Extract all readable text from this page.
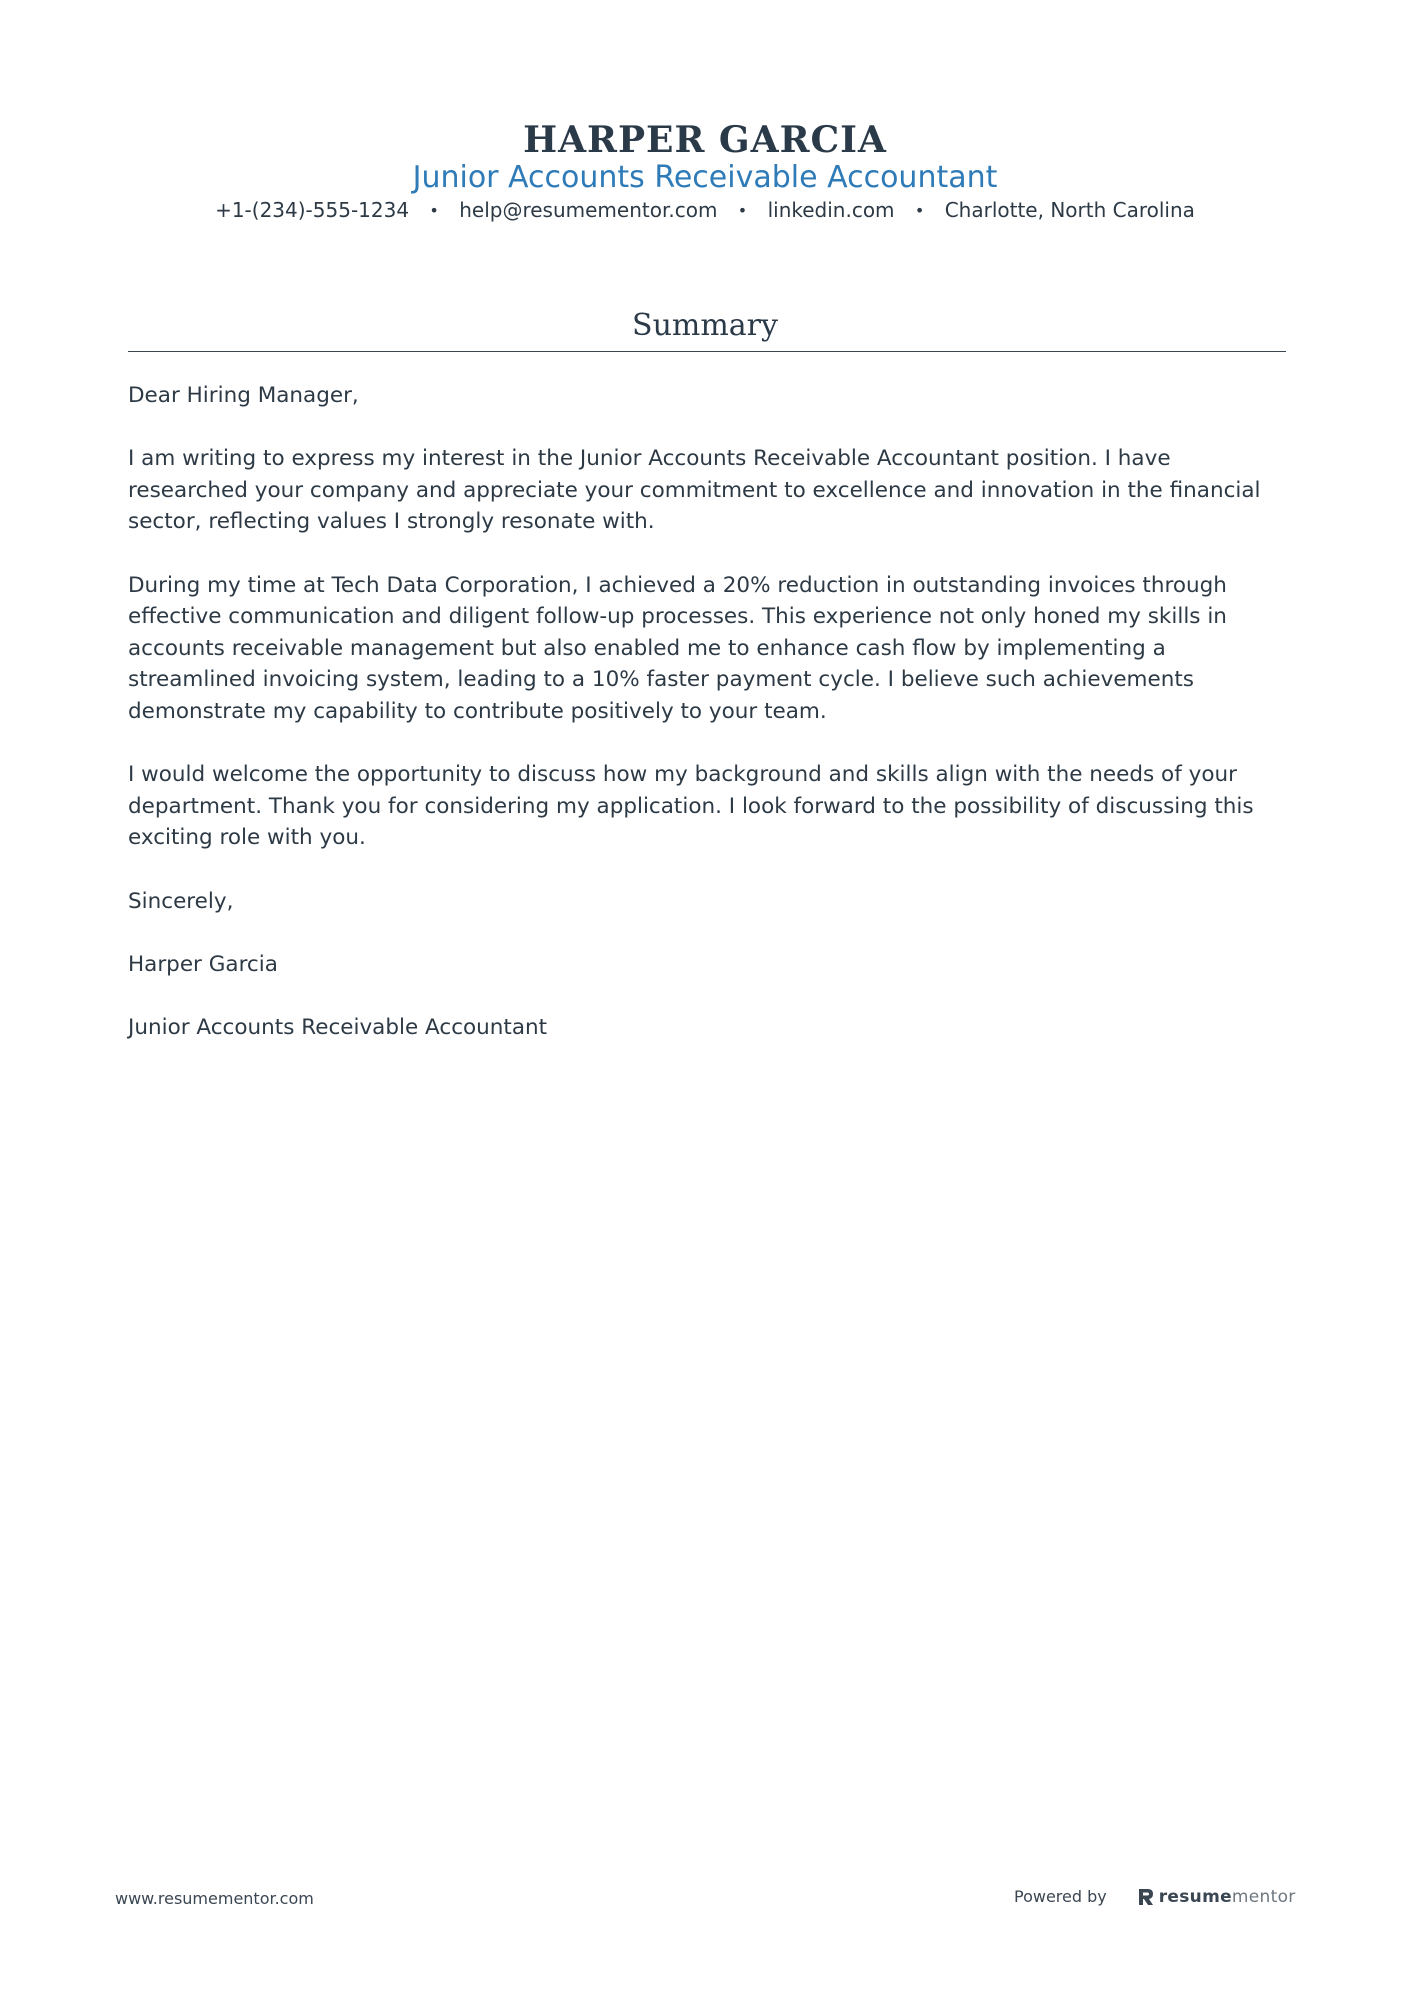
HARPER GARCIA
Junior Accounts Receivable Accountant
+1-(234)-555-1234 • help@resumementor.com • linkedin.com • Charlotte, North Carolina
Summary

Dear Hiring Manager,

I am writing to express my interest in the Junior Accounts Receivable Accountant position. I have researched your company and appreciate your commitment to excellence and innovation in the financial sector, reflecting values I strongly resonate with.

During my time at Tech Data Corporation, I achieved a 20% reduction in outstanding invoices through effective communication and diligent follow-up processes. This experience not only honed my skills in accounts receivable management but also enabled me to enhance cash flow by implementing a streamlined invoicing system, leading to a 10% faster payment cycle. I believe such achievements demonstrate my capability to contribute positively to your team.

I would welcome the opportunity to discuss how my background and skills align with the needs of your department. Thank you for considering my application. I look forward to the possibility of discussing this exciting role with you.

Sincerely,

Harper Garcia

Junior Accounts Receivable Accountant

www.resumementor.com	Powered by	resume mentor
